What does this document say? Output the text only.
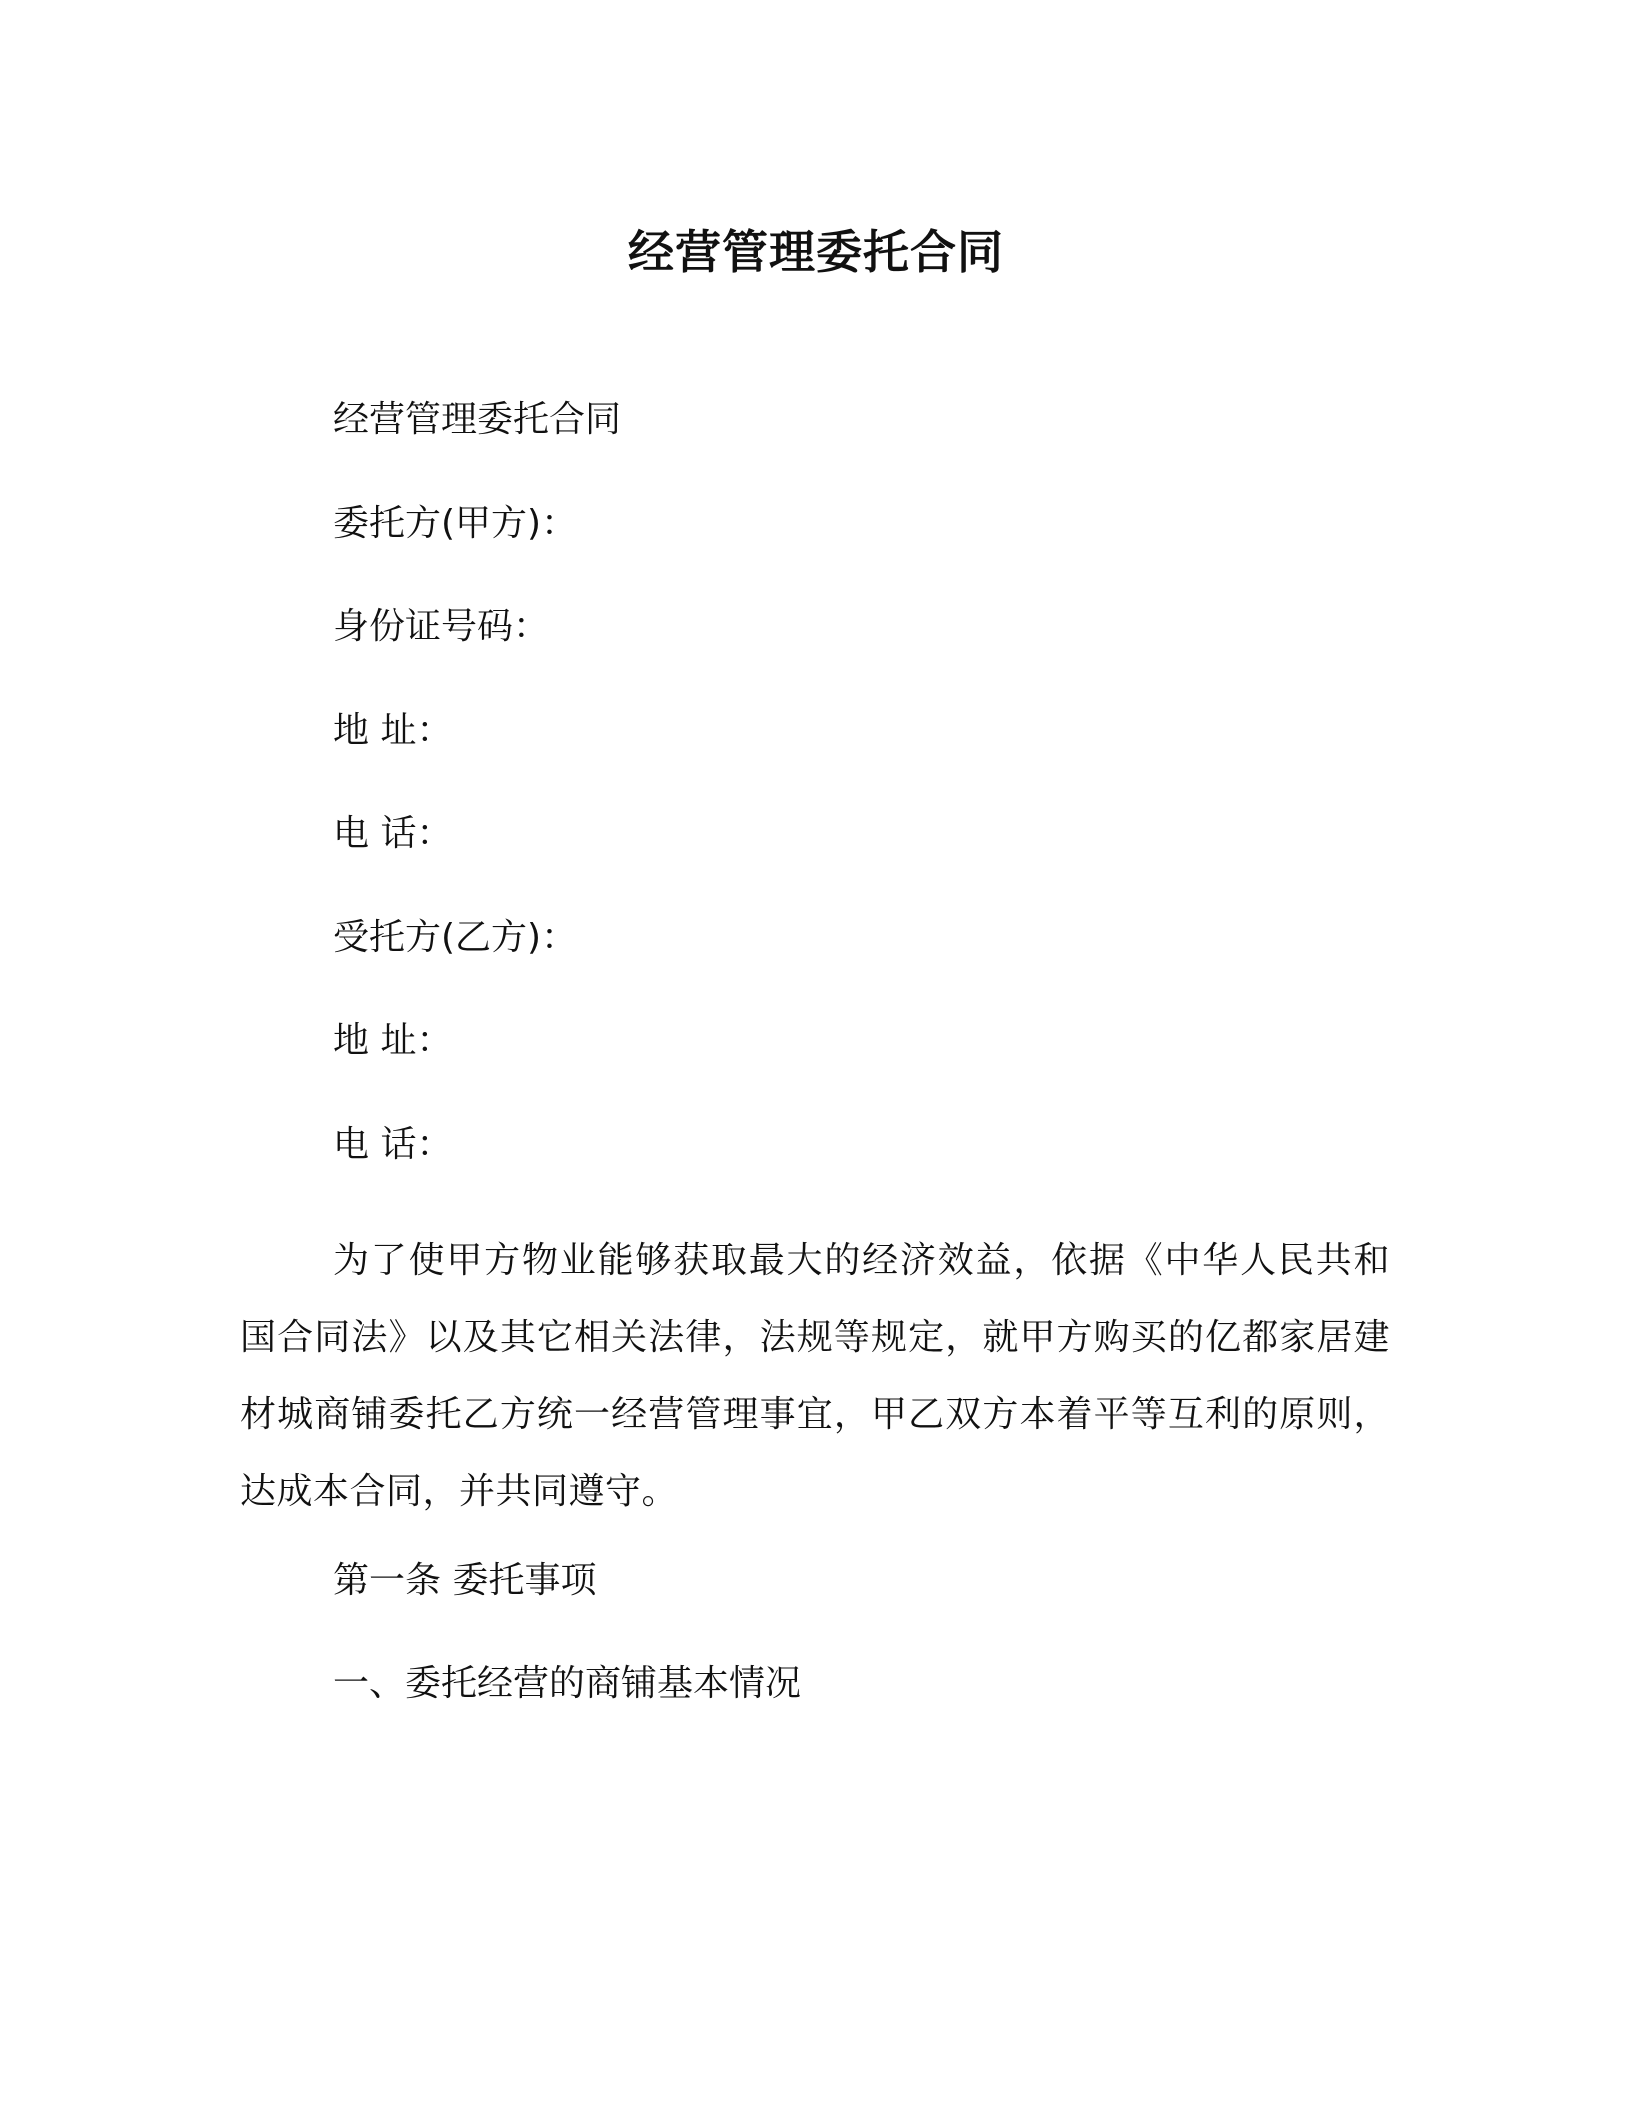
经营管理委托合同
经营管理委托合同
委托方(甲方)：
身份证号码：
地 址：
电 话：
受托方(乙方)：
地 址：
电 话：
为了使甲方物业能够获取最大的经济效益，依据《中华人民共和国合同法》以及其它相关法律，法规等规定，就甲方购买的亿都家居建材城商铺委托乙方统一经营管理事宜，甲乙双方本着平等互利的原则，达成本合同，并共同遵守。
第一条 委托事项
一、委托经营的商铺基本情况
